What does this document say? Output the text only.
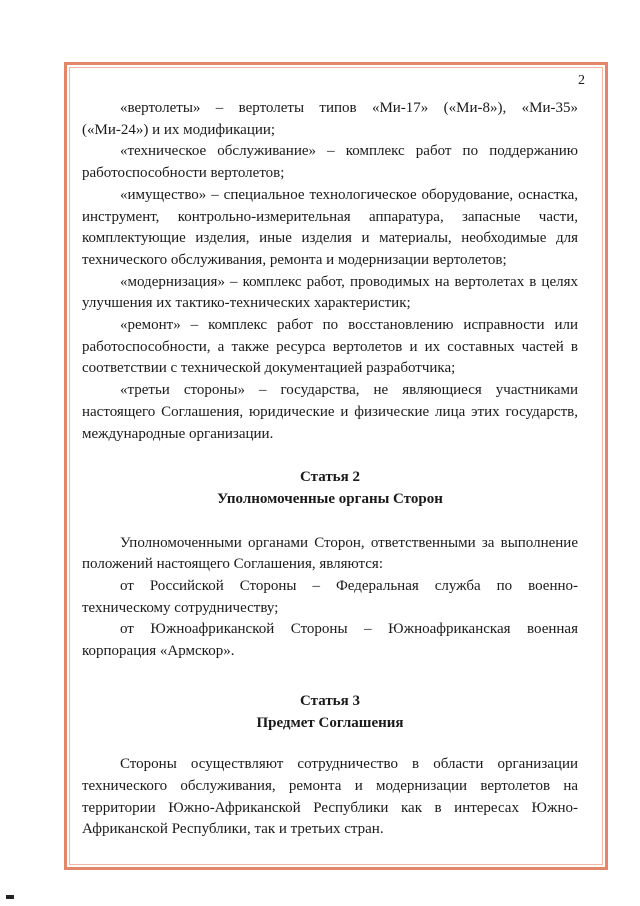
2

«вертолеты» – вертолеты типов «Ми-17» («Ми-8»), «Ми-35» («Ми-24») и их модификации;

«техническое обслуживание» – комплекс работ по поддержанию работоспособности вертолетов;

«имущество» – специальное технологическое оборудование, оснастка, инструмент, контрольно-измерительная аппаратура, запасные части, комплектующие изделия, иные изделия и материалы, необходимые для технического обслуживания, ремонта и модернизации вертолетов;

«модернизация» – комплекс работ, проводимых на вертолетах в целях улучшения их тактико-технических характеристик;

«ремонт» – комплекс работ по восстановлению исправности или работоспособности, а также ресурса вертолетов и их составных частей в соответствии с технической документацией разработчика;

«третьи стороны» – государства, не являющиеся участниками настоящего Соглашения, юридические и физические лица этих государств, международные организации.

Статья 2

Уполномоченные органы Сторон

Уполномоченными органами Сторон, ответственными за выполнение положений настоящего Соглашения, являются:

от Российской Стороны – Федеральная служба по военно-техническому сотрудничеству;

от Южноафриканской Стороны – Южноафриканская военная корпорация «Армскор».

Статья 3

Предмет Соглашения

Стороны осуществляют сотрудничество в области организации технического обслуживания, ремонта и модернизации вертолетов на территории Южно-Африканской Республики как в интересах Южно-Африканской Республики, так и третьих стран.
